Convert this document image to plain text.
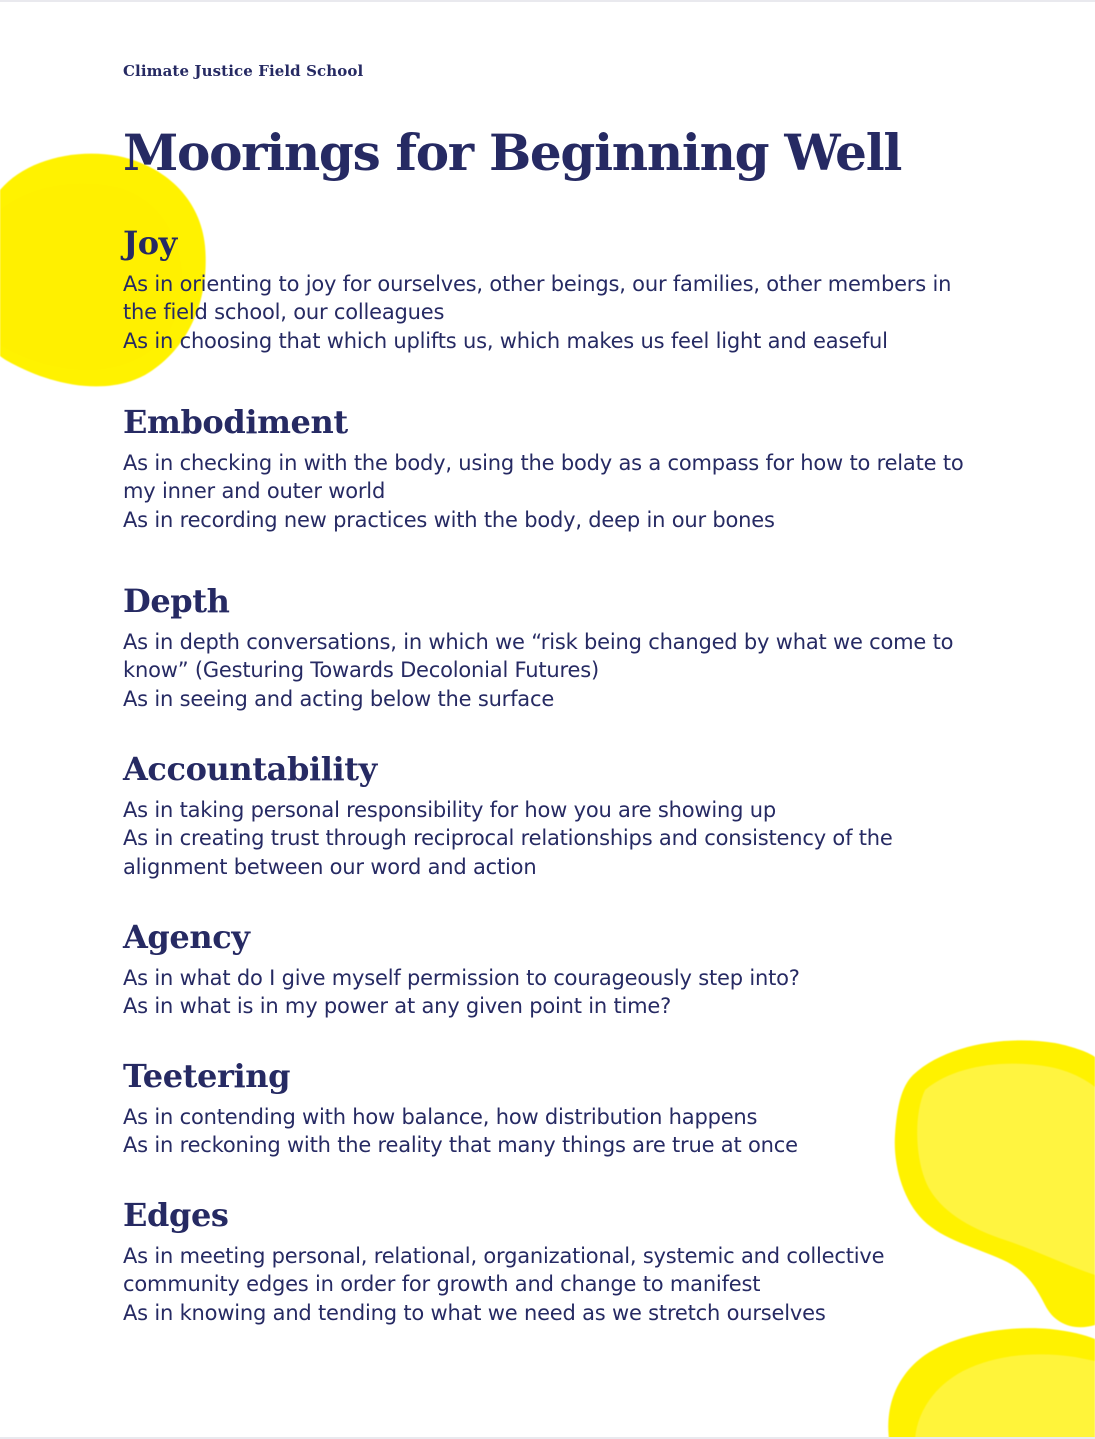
Climate Justice Field School
Moorings for Beginning Well
Joy

As in orienting to joy for ourselves, other beings, our families, other members in
the field school, our colleagues
As in choosing that which uplifts us, which makes us feel light and easeful

Embodiment

As in checking in with the body, using the body as a compass for how to relate to
my inner and outer world
As in recording new practices with the body, deep in our bones

Depth

As in depth conversations, in which we “risk being changed by what we come to
know” (Gesturing Towards Decolonial Futures)
As in seeing and acting below the surface

Accountability

As in taking personal responsibility for how you are showing up
As in creating trust through reciprocal relationships and consistency of the
alignment between our word and action

Agency

As in what do I give myself permission to courageously step into?
As in what is in my power at any given point in time?

Teetering

As in contending with how balance, how distribution happens
As in reckoning with the reality that many things are true at once

Edges

As in meeting personal, relational, organizational, systemic and collective
community edges in order for growth and change to manifest
As in knowing and tending to what we need as we stretch ourselves
